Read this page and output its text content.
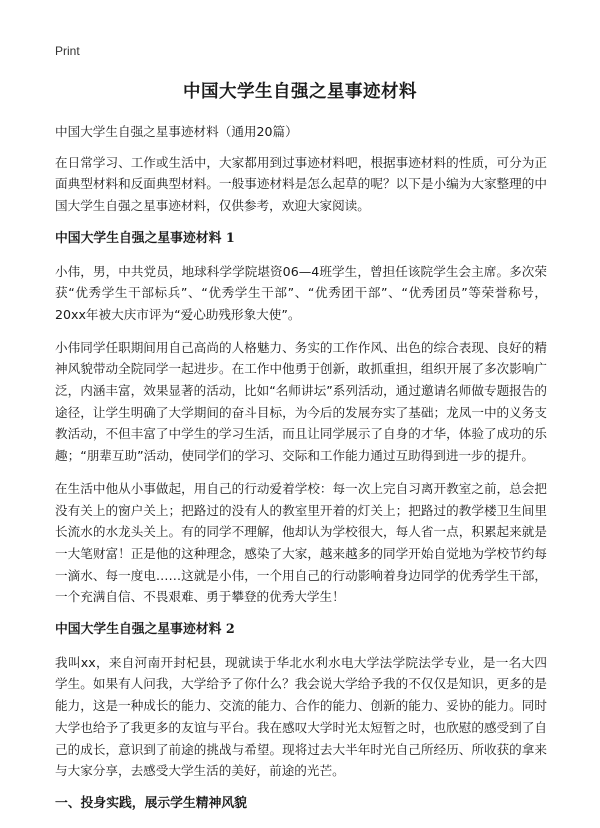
Print
中国大学生自强之星事迹材料

中国大学生自强之星事迹材料（通用20篇）

在日常学习、工作或生活中，大家都用到过事迹材料吧，根据事迹材料的性质，可分为正面典型材料和反面典型材料。一般事迹材料是怎么起草的呢？以下是小编为大家整理的中国大学生自强之星事迹材料，仅供参考，欢迎大家阅读。

中国大学生自强之星事迹材料 1

小伟，男，中共党员，地球科学学院堪资06—4班学生，曾担任该院学生会主席。多次荣获“优秀学生干部标兵”、“优秀学生干部”、“优秀团干部”、“优秀团员”等荣誉称号，20xx年被大庆市评为“爱心助残形象大使”。

小伟同学任职期间用自己高尚的人格魅力、务实的工作作风、出色的综合表现、良好的精神风貌带动全院同学一起进步。在工作中他勇于创新，敢抓重担，组织开展了多次影响广泛，内涵丰富，效果显著的活动，比如“名师讲坛”系列活动，通过邀请名师做专题报告的途径，让学生明确了大学期间的奋斗目标，为今后的发展夯实了基础；龙凤一中的义务支教活动，不但丰富了中学生的学习生活，而且让同学展示了自身的才华，体验了成功的乐趣；“朋辈互助”活动，使同学们的学习、交际和工作能力通过互助得到进一步的提升。

在生活中他从小事做起，用自己的行动爱着学校：每一次上完自习离开教室之前，总会把没有关上的窗户关上；把路过的没有人的教室里开着的灯关上；把路过的教学楼卫生间里长流水的水龙头关上。有的同学不理解，他却认为学校很大，每人省一点，积累起来就是一大笔财富！正是他的这种理念，感染了大家，越来越多的同学开始自觉地为学校节约每一滴水、每一度电……这就是小伟，一个用自己的行动影响着身边同学的优秀学生干部，一个充满自信、不畏艰难、勇于攀登的优秀大学生！

中国大学生自强之星事迹材料 2

我叫xx，来自河南开封杞县，现就读于华北水利水电大学法学院法学专业，是一名大四学生。如果有人问我，大学给予了你什么？我会说大学给予我的不仅仅是知识，更多的是能力，这是一种成长的能力、交流的能力、合作的能力、创新的能力、妥协的能力。同时大学也给予了我更多的友谊与平台。我在感叹大学时光太短暂之时，也欣慰的感受到了自己的成长，意识到了前途的挑战与希望。现将过去大半年时光自己所经历、所收获的拿来与大家分享，去感受大学生活的美好，前途的光芒。

一、投身实践，展示学生精神风貌
